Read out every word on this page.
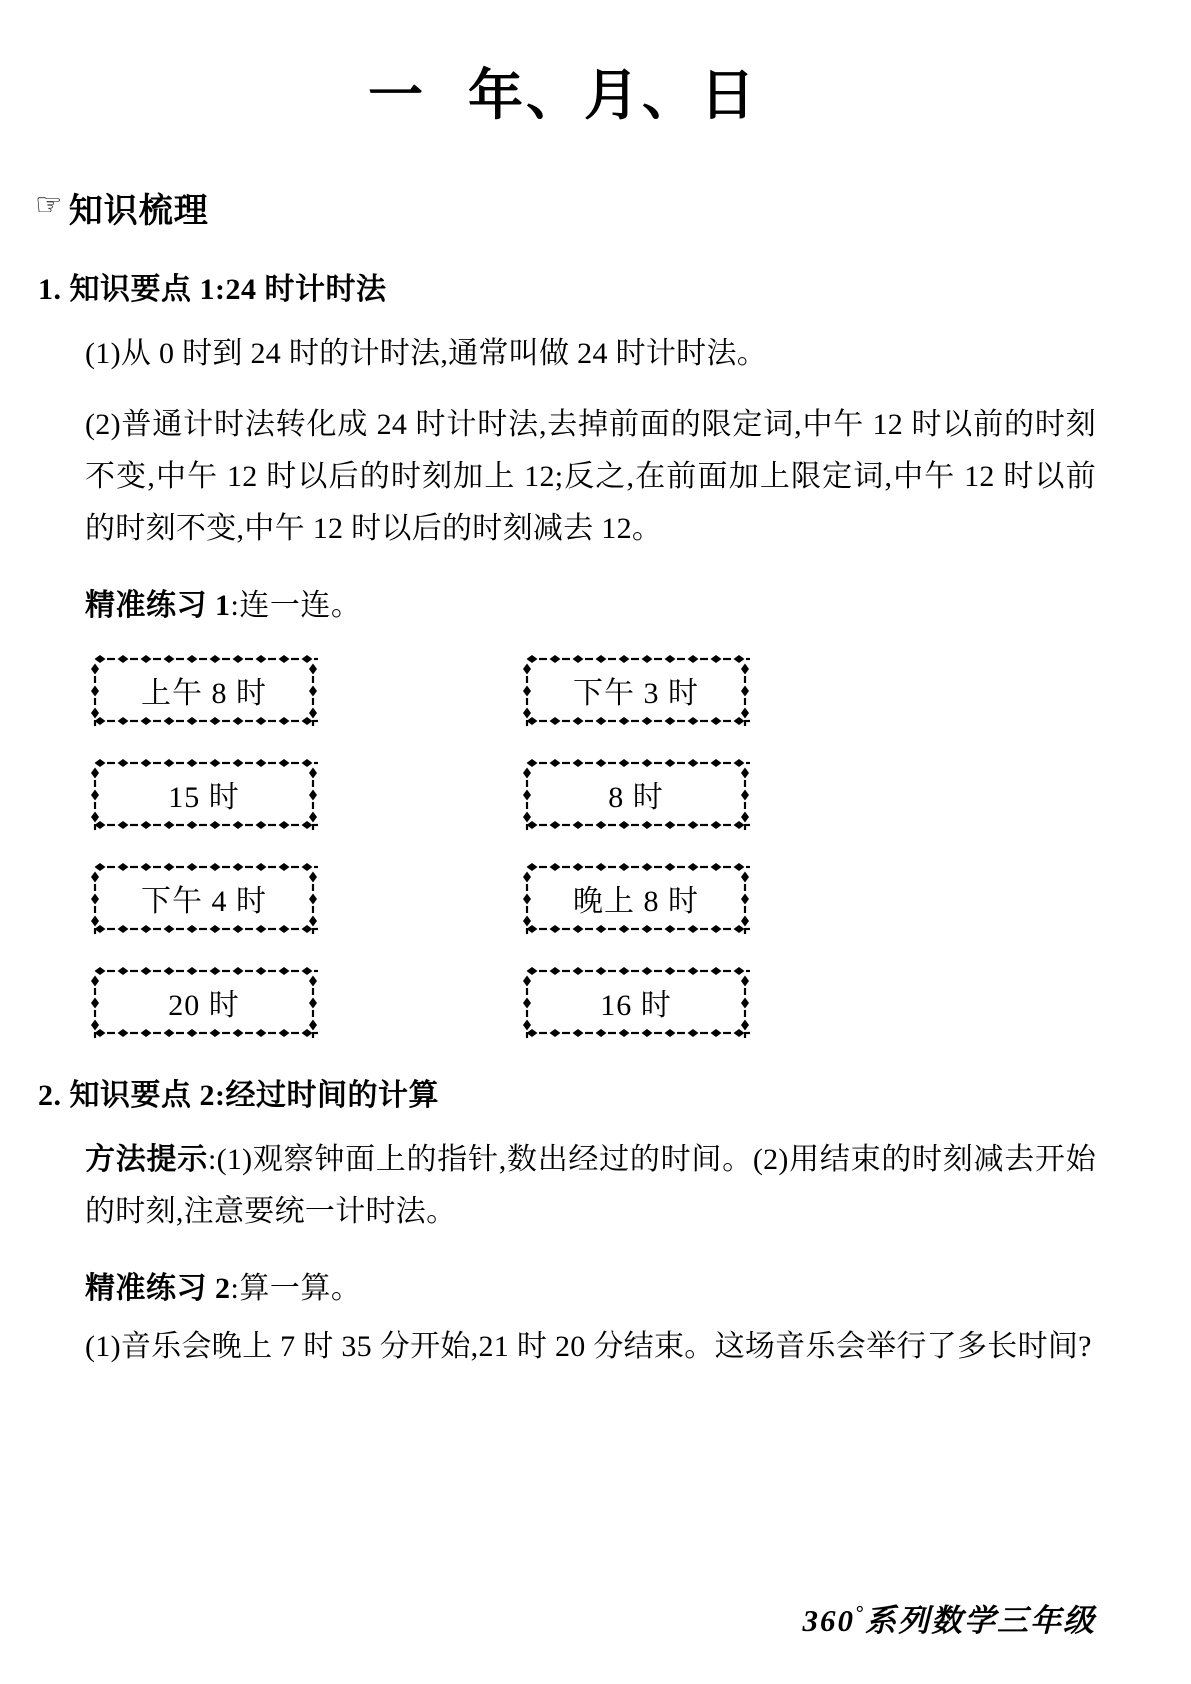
一 年、月、日
☞ 知识梳理
1. 知识要点 1:24 时计时法
(1)从 0 时到 24 时的计时法,通常叫做 24 时计时法。
(2)普通计时法转化成 24 时计时法,去掉前面的限定词,中午 12 时以前的时刻不变,中午 12 时以后的时刻加上 12;反之,在前面加上限定词,中午 12 时以前的时刻不变,中午 12 时以后的时刻减去 12。
精准练习 1:连一连。
上午 8 时	下午 3 时
15 时	8 时
下午 4 时	晚上 8 时
20 时	16 时
2. 知识要点 2:经过时间的计算
方法提示:(1)观察钟面上的指针,数出经过的时间。(2)用结束的时刻减去开始的时刻,注意要统一计时法。
精准练习 2:算一算。
(1)音乐会晚上 7 时 35 分开始,21 时 20 分结束。这场音乐会举行了多长时间?
360°系列数学三年级
